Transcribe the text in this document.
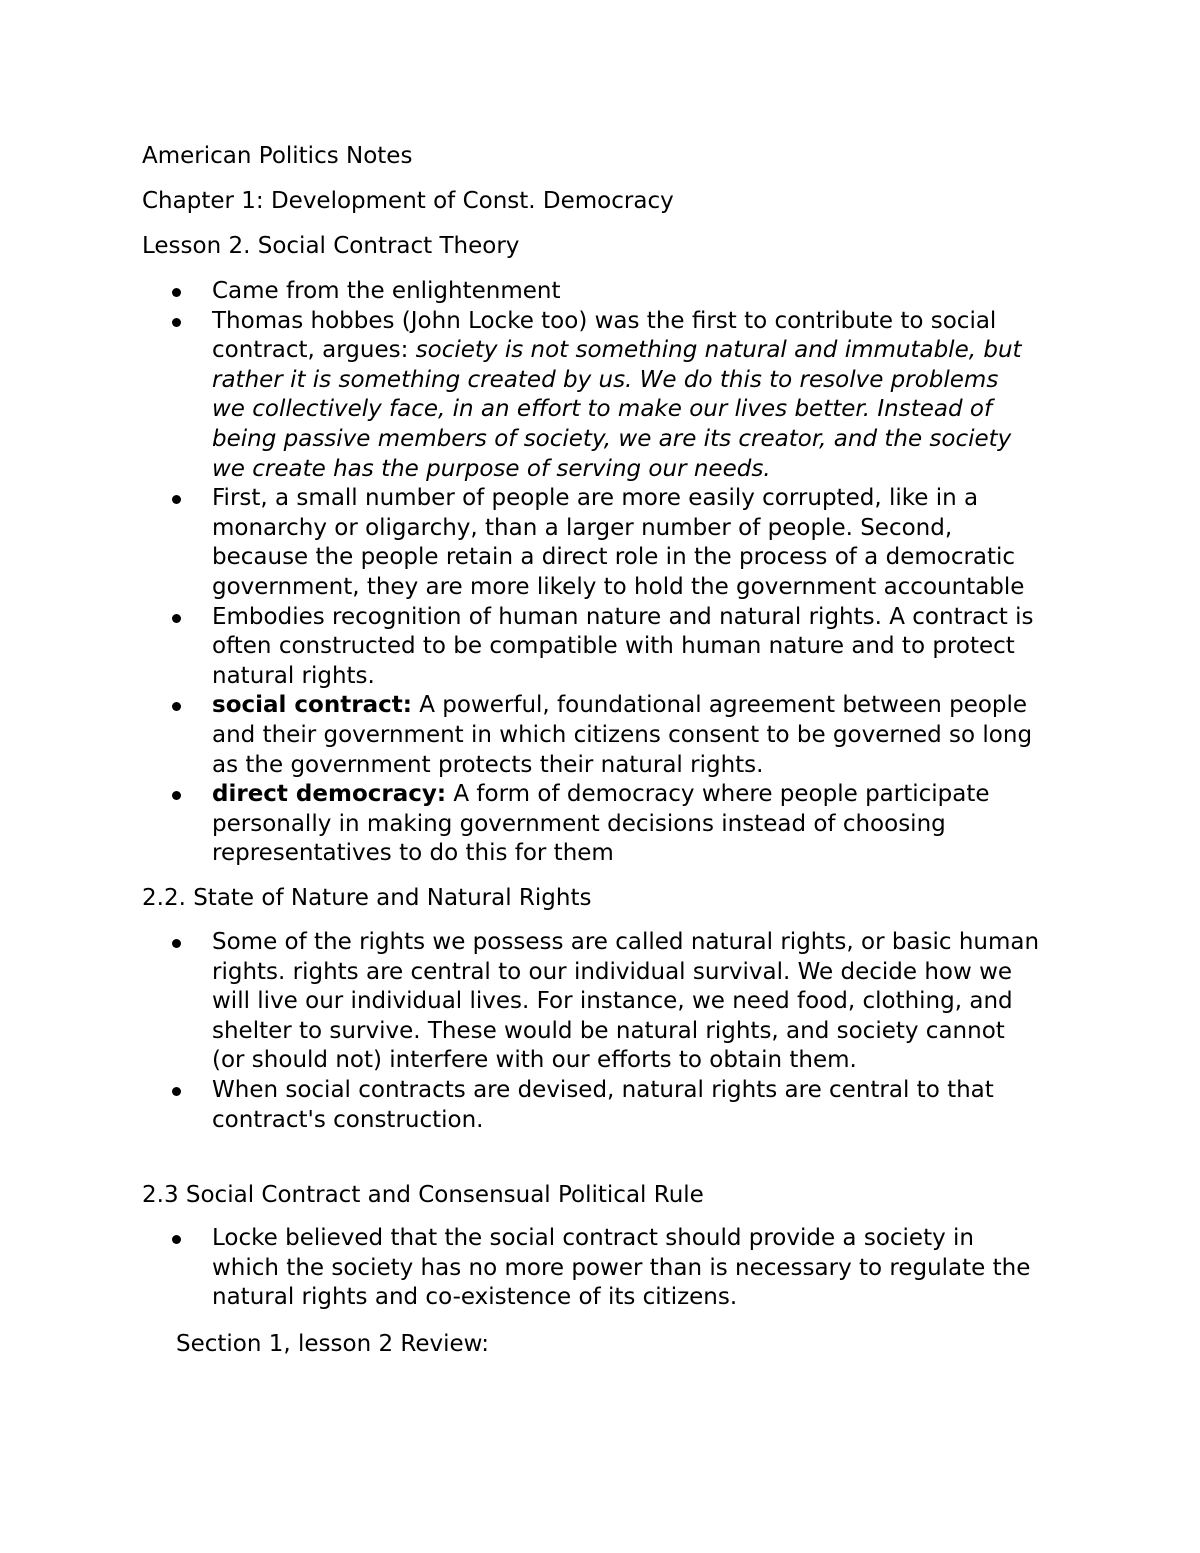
American Politics Notes
Chapter 1: Development of Const. Democracy
Lesson 2. Social Contract Theory
Came from the enlightenment
Thomas hobbes (John Locke too) was the first to contribute to social
contract, argues: society is not something natural and immutable, but
rather it is something created by us. We do this to resolve problems
we collectively face, in an effort to make our lives better. Instead of
being passive members of society, we are its creator, and the society
we create has the purpose of serving our needs.
First, a small number of people are more easily corrupted, like in a
monarchy or oligarchy, than a larger number of people. Second,
because the people retain a direct role in the process of a democratic
government, they are more likely to hold the government accountable
Embodies recognition of human nature and natural rights. A contract is
often constructed to be compatible with human nature and to protect
natural rights.
social contract: A powerful, foundational agreement between people
and their government in which citizens consent to be governed so long
as the government protects their natural rights.
direct democracy: A form of democracy where people participate
personally in making government decisions instead of choosing
representatives to do this for them
2.2. State of Nature and Natural Rights
Some of the rights we possess are called natural rights, or basic human
rights. rights are central to our individual survival. We decide how we
will live our individual lives. For instance, we need food, clothing, and
shelter to survive. These would be natural rights, and society cannot
(or should not) interfere with our efforts to obtain them.
When social contracts are devised, natural rights are central to that
contract's construction.
2.3 Social Contract and Consensual Political Rule
Locke believed that the social contract should provide a society in
which the society has no more power than is necessary to regulate the
natural rights and co-existence of its citizens.
Section 1, lesson 2 Review:
